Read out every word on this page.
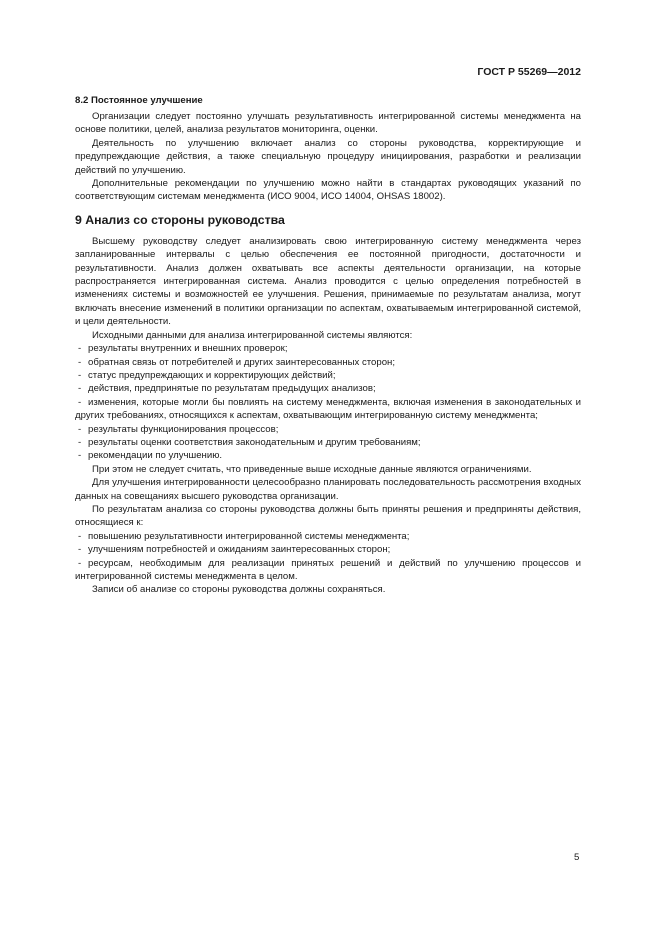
ГОСТ Р 55269—2012

8.2 Постоянное улучшение

Организации следует постоянно улучшать результативность интегрированной системы менеджмента на основе политики, целей, анализа результатов мониторинга, оценки.

Деятельность по улучшению включает анализ со стороны руководства, корректирующие и предупреждающие действия, а также специальную процедуру инициирования, разработки и реализации действий по улучшению.

Дополнительные рекомендации по улучшению можно найти в стандартах руководящих указаний по соответствующим системам менеджмента (ИСО 9004, ИСО 14004, OHSAS 18002).

9 Анализ со стороны руководства

Высшему руководству следует анализировать свою интегрированную систему менеджмента через запланированные интервалы с целью обеспечения ее постоянной пригодности, достаточности и результативности. Анализ должен охватывать все аспекты деятельности организации, на которые распространяется интегрированная система. Анализ проводится с целью определения потребностей в изменениях системы и возможностей ее улучшения. Решения, принимаемые по результатам анализа, могут включать внесение изменений в политики организации по аспектам, охватываемым интегрированной системой, и цели деятельности.

Исходными данными для анализа интегрированной системы являются:

- результаты внутренних и внешних проверок;

- обратная связь от потребителей и других заинтересованных сторон;

- статус предупреждающих и корректирующих действий;

- действия, предпринятые по результатам предыдущих анализов;

- изменения, которые могли бы повлиять на систему менеджмента, включая изменения в законодательных и других требованиях, относящихся к аспектам, охватывающим интегрированную систему менеджмента;

- результаты функционирования процессов;

- результаты оценки соответствия законодательным и другим требованиям;

- рекомендации по улучшению.

При этом не следует считать, что приведенные выше исходные данные являются ограничениями.

Для улучшения интегрированности целесообразно планировать последовательность рассмотрения входных данных на совещаниях высшего руководства организации.

По результатам анализа со стороны руководства должны быть приняты решения и предприняты действия, относящиеся к:

- повышению результативности интегрированной системы менеджмента;

- улучшениям потребностей и ожиданиям заинтересованных сторон;

- ресурсам, необходимым для реализации принятых решений и действий по улучшению процессов и интегрированной системы менеджмента в целом.

Записи об анализе со стороны руководства должны сохраняться.

5
